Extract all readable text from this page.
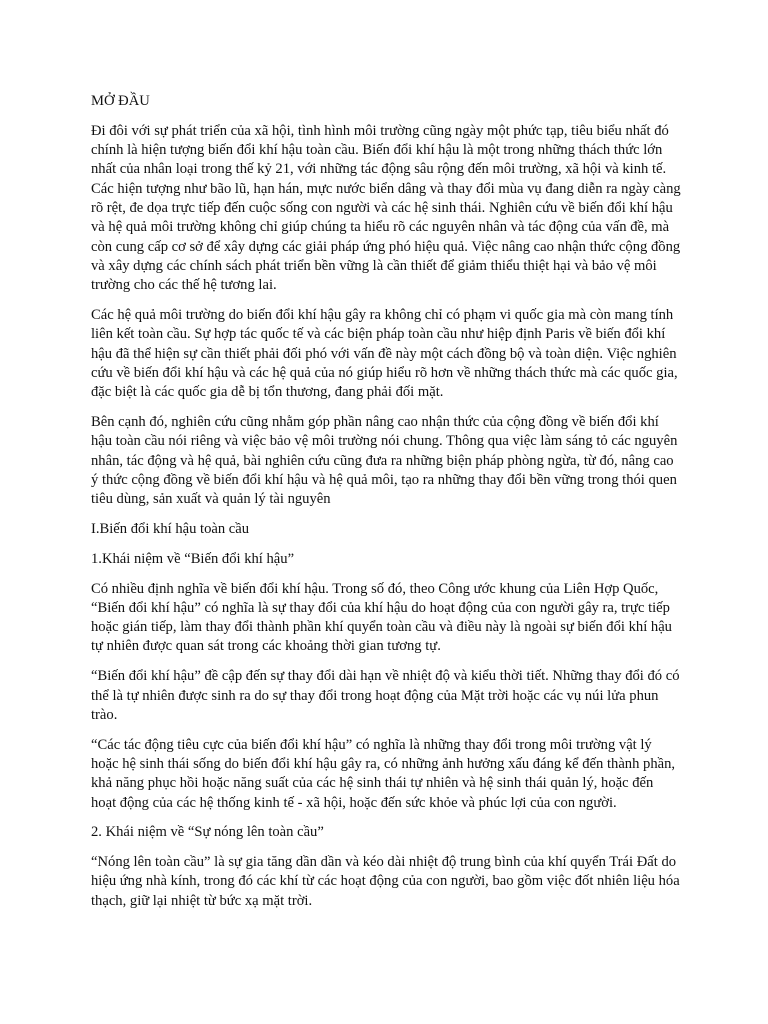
MỞ ĐẦU

Đi đôi với sự phát triển của xã hội, tình hình môi trường cũng ngày một phức tạp, tiêu biểu nhất đó chính là hiện tượng biến đổi khí hậu toàn cầu. Biến đổi khí hậu là một trong những thách thức lớn nhất của nhân loại trong thế kỷ 21, với những tác động sâu rộng đến môi trường, xã hội và kinh tế. Các hiện tượng như bão lũ, hạn hán, mực nước biển dâng và thay đổi mùa vụ đang diễn ra ngày càng rõ rệt, đe dọa trực tiếp đến cuộc sống con người và các hệ sinh thái. Nghiên cứu về biến đổi khí hậu và hệ quả môi trường không chỉ giúp chúng ta hiểu rõ các nguyên nhân và tác động của vấn đề, mà còn cung cấp cơ sở để xây dựng các giải pháp ứng phó hiệu quả. Việc nâng cao nhận thức cộng đồng và xây dựng các chính sách phát triển bền vững là cần thiết để giảm thiểu thiệt hại và bảo vệ môi trường cho các thế hệ tương lai.

Các hệ quả môi trường do biến đổi khí hậu gây ra không chỉ có phạm vi quốc gia mà còn mang tính liên kết toàn cầu. Sự hợp tác quốc tế và các biện pháp toàn cầu như hiệp định Paris về biến đổi khí hậu đã thể hiện sự cần thiết phải đối phó với vấn đề này một cách đồng bộ và toàn diện. Việc nghiên cứu về biến đổi khí hậu và các hệ quả của nó giúp hiểu rõ hơn về những thách thức mà các quốc gia, đặc biệt là các quốc gia dễ bị tổn thương, đang phải đối mặt.

Bên cạnh đó, nghiên cứu cũng nhằm góp phần nâng cao nhận thức của cộng đồng về biến đổi khí hậu toàn cầu nói riêng và việc bảo vệ môi trường nói chung. Thông qua việc làm sáng tỏ các nguyên nhân, tác động và hệ quả, bài nghiên cứu cũng đưa ra những biện pháp phòng ngừa, từ đó, nâng cao ý thức cộng đồng về biến đổi khí hậu và hệ quả môi, tạo ra những thay đổi bền vững trong thói quen tiêu dùng, sản xuất và quản lý tài nguyên

I.Biến đổi khí hậu toàn cầu

1.Khái niệm về “Biến đổi khí hậu”

Có nhiều định nghĩa về biến đổi khí hậu. Trong số đó, theo Công ước khung của Liên Hợp Quốc, “Biến đổi khí hậu” có nghĩa là sự thay đổi của khí hậu do hoạt động của con người gây ra, trực tiếp hoặc gián tiếp, làm thay đổi thành phần khí quyển toàn cầu và điều này là ngoài sự biến đổi khí hậu tự nhiên được quan sát trong các khoảng thời gian tương tự.

“Biến đổi khí hậu” đề cập đến sự thay đổi dài hạn về nhiệt độ và kiểu thời tiết. Những thay đổi đó có thể là tự nhiên được sinh ra do sự thay đổi trong hoạt động của Mặt trời hoặc các vụ núi lửa phun trào.

“Các tác động tiêu cực của biến đổi khí hậu” có nghĩa là những thay đổi trong môi trường vật lý hoặc hệ sinh thái sống do biến đổi khí hậu gây ra, có những ảnh hưởng xấu đáng kể đến thành phần, khả năng phục hồi hoặc năng suất của các hệ sinh thái tự nhiên và hệ sinh thái quản lý, hoặc đến hoạt động của các hệ thống kinh tế - xã hội, hoặc đến sức khỏe và phúc lợi của con người.

2. Khái niệm về “Sự nóng lên toàn cầu”

“Nóng lên toàn cầu” là sự gia tăng dần dần và kéo dài nhiệt độ trung bình của khí quyển Trái Đất do hiệu ứng nhà kính, trong đó các khí từ các hoạt động của con người, bao gồm việc đốt nhiên liệu hóa thạch, giữ lại nhiệt từ bức xạ mặt trời.
